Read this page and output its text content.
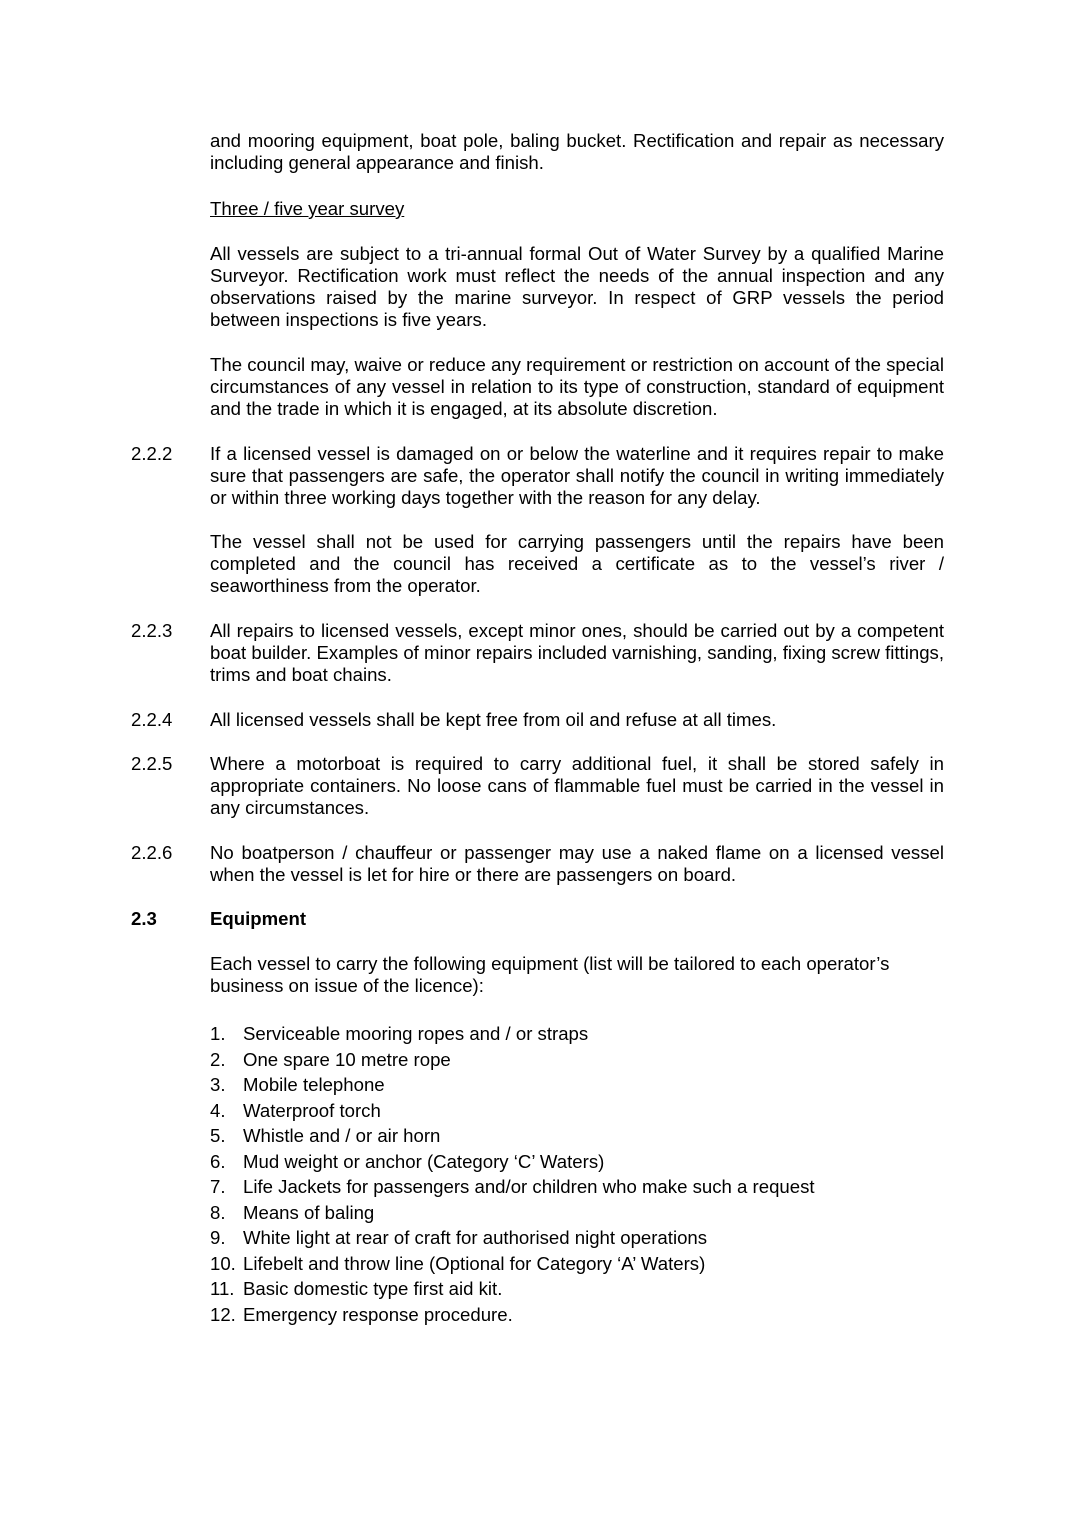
and mooring equipment, boat pole, baling bucket. Rectification and repair as necessary including general appearance and finish.

Three / five year survey

All vessels are subject to a tri-annual formal Out of Water Survey by a qualified Marine Surveyor. Rectification work must reflect the needs of the annual inspection and any observations raised by the marine surveyor. In respect of GRP vessels the period between inspections is five years.

The council may, waive or reduce any requirement or restriction on account of the special circumstances of any vessel in relation to its type of construction, standard of equipment and the trade in which it is engaged, at its absolute discretion.

2.2.2 If a licensed vessel is damaged on or below the waterline and it requires repair to make sure that passengers are safe, the operator shall notify the council in writing immediately or within three working days together with the reason for any delay.

The vessel shall not be used for carrying passengers until the repairs have been completed and the council has received a certificate as to the vessel’s river / seaworthiness from the operator.

2.2.3 All repairs to licensed vessels, except minor ones, should be carried out by a competent boat builder. Examples of minor repairs included varnishing, sanding, fixing screw fittings, trims and boat chains.

2.2.4 All licensed vessels shall be kept free from oil and refuse at all times.

2.2.5 Where a motorboat is required to carry additional fuel, it shall be stored safely in appropriate containers. No loose cans of flammable fuel must be carried in the vessel in any circumstances.

2.2.6 No boatperson / chauffeur or passenger may use a naked flame on a licensed vessel when the vessel is let for hire or there are passengers on board.

2.3	Equipment

Each vessel to carry the following equipment (list will be tailored to each operator’s business on issue of the licence):

1. Serviceable mooring ropes and / or straps
2. One spare 10 metre rope
3. Mobile telephone
4. Waterproof torch
5. Whistle and / or air horn
6. Mud weight or anchor (Category ‘C’ Waters)
7. Life Jackets for passengers and/or children who make such a request
8. Means of baling
9. White light at rear of craft for authorised night operations
10. Lifebelt and throw line (Optional for Category ‘A’ Waters)
11. Basic domestic type first aid kit.
12. Emergency response procedure.
